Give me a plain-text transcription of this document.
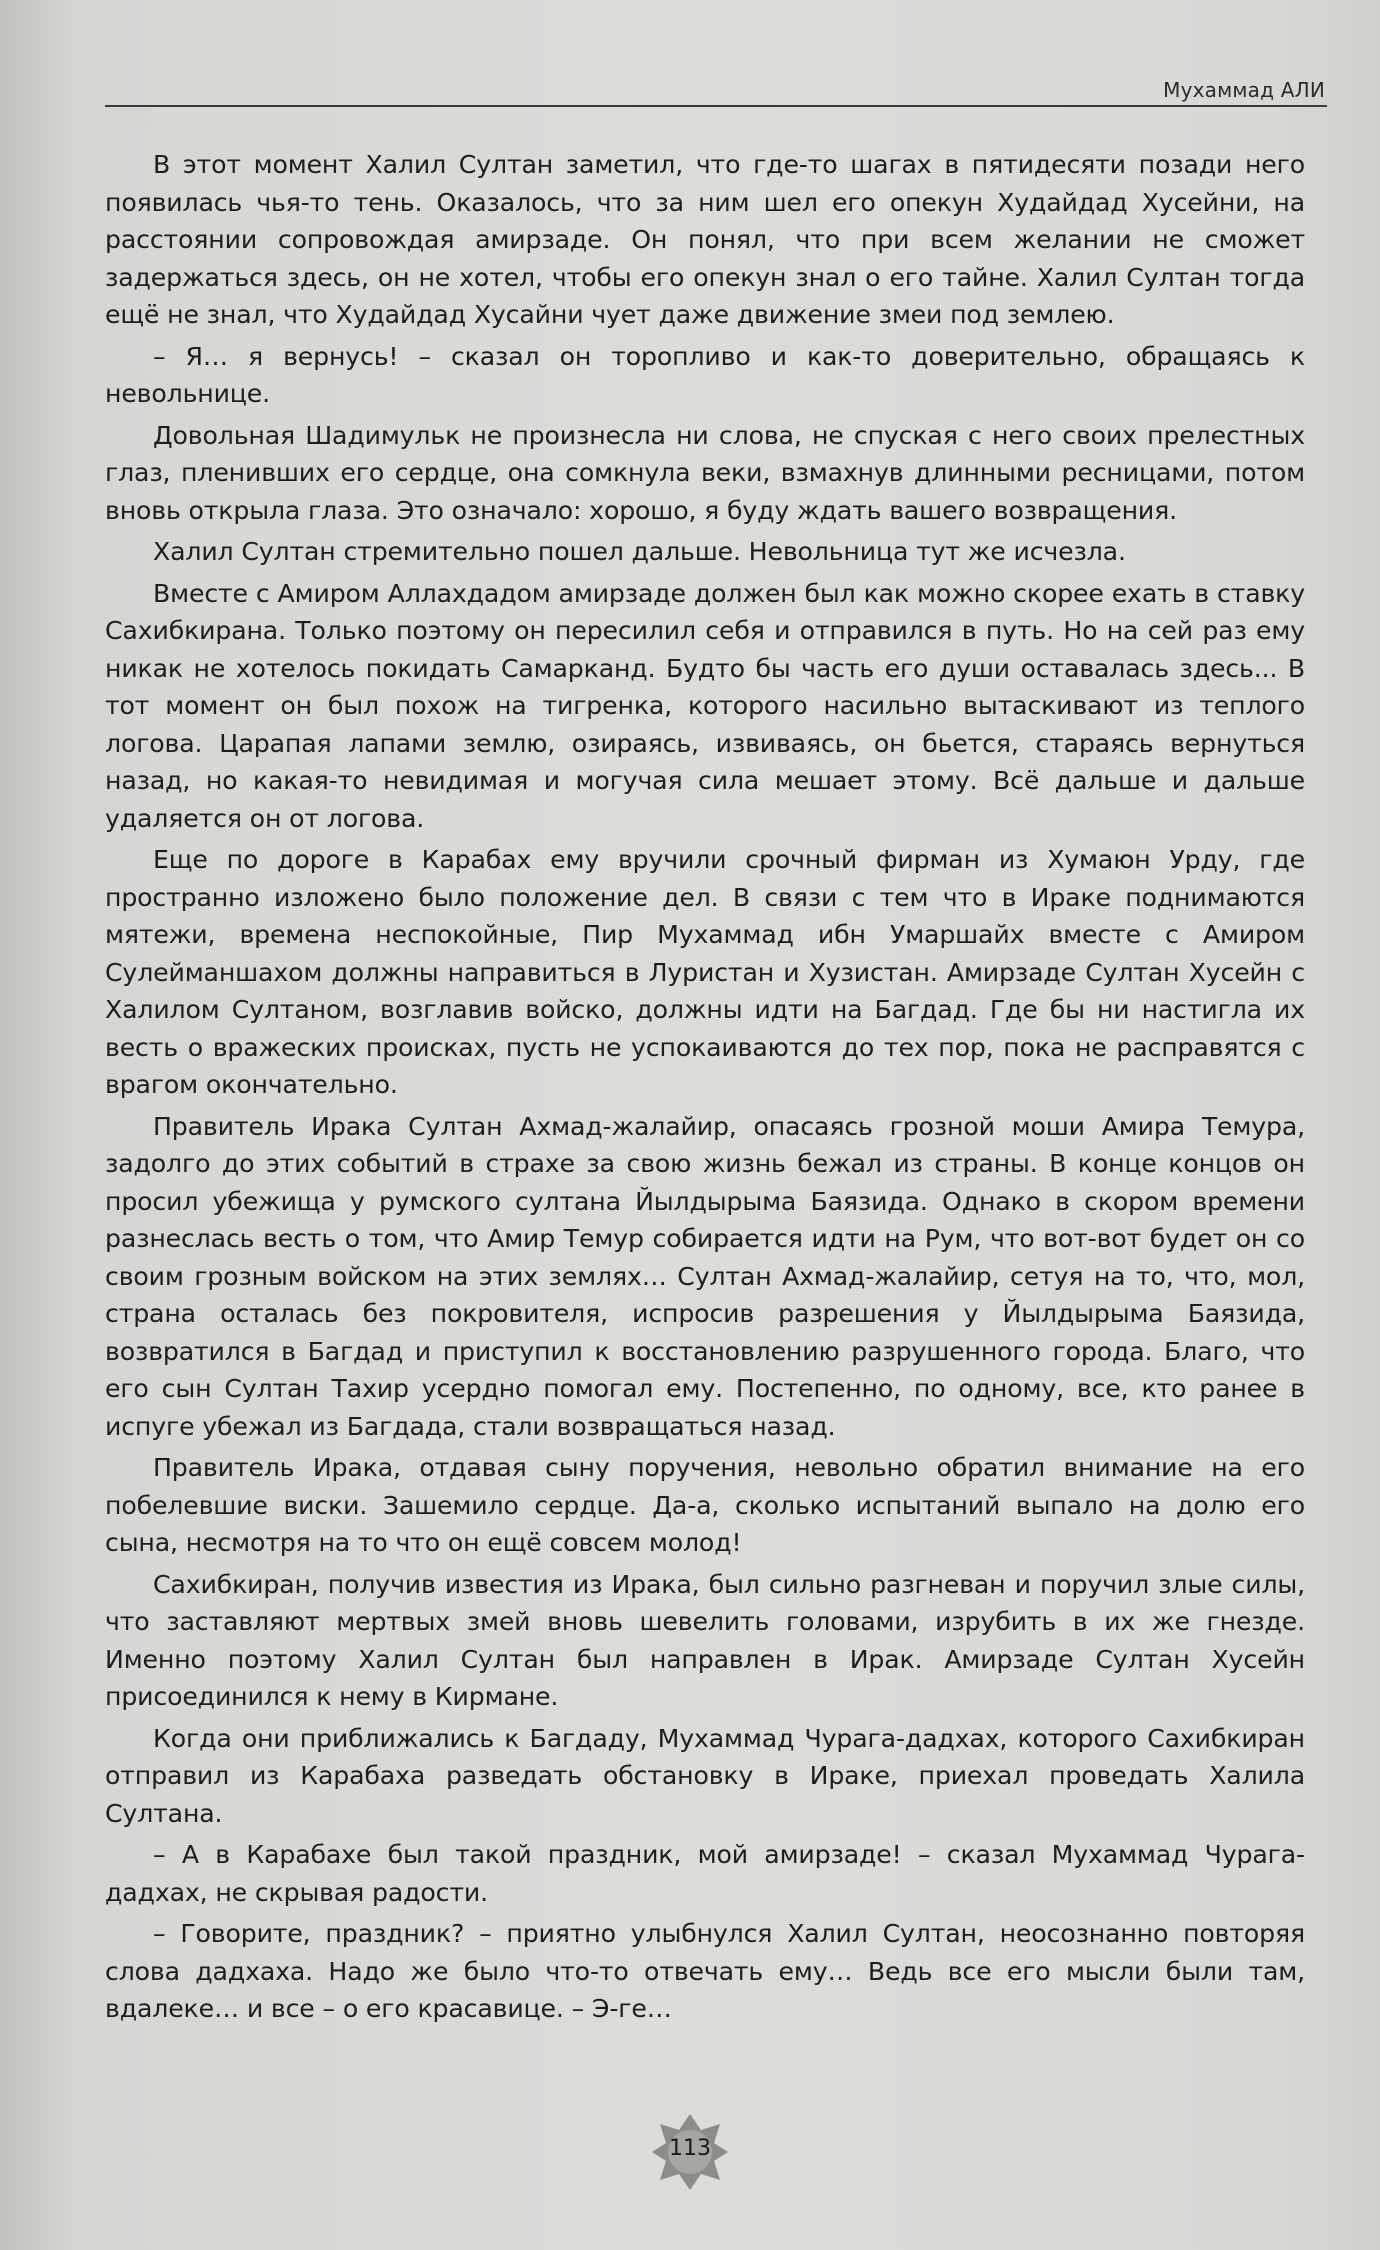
Мухаммад АЛИ

В этот момент Халил Султан заметил, что где-то шагах в пятидесяти позади него появилась чья-то тень. Оказалось, что за ним шел его опекун Худайдад Хусейни, на расстоянии сопровождая амирзаде. Он понял, что при всем желании не сможет задержаться здесь, он не хотел, чтобы его опекун знал о его тайне. Халил Султан тогда ещё не знал, что Худайдад Хусайни чует даже движение змеи под землею.

– Я… я вернусь! – сказал он торопливо и как-то доверительно, обращаясь к невольнице.

Довольная Шадимульк не произнесла ни слова, не спуская с него своих прелестных глаз, пленивших его сердце, она сомкнула веки, взмахнув длинными ресницами, потом вновь открыла глаза. Это означало: хорошо, я буду ждать вашего возвращения.

Халил Султан стремительно пошел дальше. Невольница тут же исчезла.

Вместе с Амиром Аллахдадом амирзаде должен был как можно скорее ехать в ставку Сахибкирана. Только поэтому он пересилил себя и отправился в путь. Но на сей раз ему никак не хотелось покидать Самарканд. Будто бы часть его души оставалась здесь... В тот момент он был похож на тигренка, которого насильно вытаскивают из теплого логова. Царапая лапами землю, озираясь, извиваясь, он бьется, стараясь вернуться назад, но какая-то невидимая и могучая сила мешает этому. Всё дальше и дальше удаляется он от логова.

Еще по дороге в Карабах ему вручили срочный фирман из Хумаюн Урду, где пространно изложено было положение дел. В связи с тем что в Ираке поднимаются мятежи, времена неспокойные, Пир Мухаммад ибн Умаршайх вместе с Амиром Сулейманшахом должны направиться в Луристан и Хузистан. Амирзаде Султан Хусейн с Халилом Султаном, возглавив войско, должны идти на Багдад. Где бы ни настигла их весть о вражеских происках, пусть не успокаиваются до тех пор, пока не расправятся с врагом окончательно.

Правитель Ирака Султан Ахмад-жалайир, опасаясь грозной моши Амира Темура, задолго до этих событий в страхе за свою жизнь бежал из страны. В конце концов он просил убежища у румского султана Йылдырыма Баязида. Однако в скором времени разнеслась весть о том, что Амир Темур собирается идти на Рум, что вот-вот будет он со своим грозным войском на этих землях… Султан Ахмад-жалайир, сетуя на то, что, мол, страна осталась без покровителя, испросив разрешения у Йылдырыма Баязида, возвратился в Багдад и приступил к восстановлению разрушенного города. Благо, что его сын Султан Тахир усердно помогал ему. Постепенно, по одному, все, кто ранее в испуге убежал из Багдада, стали возвращаться назад.

Правитель Ирака, отдавая сыну поручения, невольно обратил внимание на его побелевшие виски. Зашемило сердце. Да-а, сколько испытаний выпало на долю его сына, несмотря на то что он ещё совсем молод!

Сахибкиран, получив известия из Ирака, был сильно разгневан и поручил злые силы, что заставляют мертвых змей вновь шевелить головами, изрубить в их же гнезде. Именно поэтому Халил Султан был направлен в Ирак. Амирзаде Султан Хусейн присоединился к нему в Кирмане.

Когда они приближались к Багдаду, Мухаммад Чурага-дадхах, которого Сахибкиран отправил из Карабаха разведать обстановку в Ираке, приехал проведать Халила Султана.

– А в Карабахе был такой праздник, мой амирзаде! – сказал Мухаммад Чурага-дадхах, не скрывая радости.

– Говорите, праздник? – приятно улыбнулся Халил Султан, неосознанно повторяя слова дадхаха. Надо же было что-то отвечать ему… Ведь все его мысли были там, вдалеке… и все – о его красавице. – Э-ге…

113
